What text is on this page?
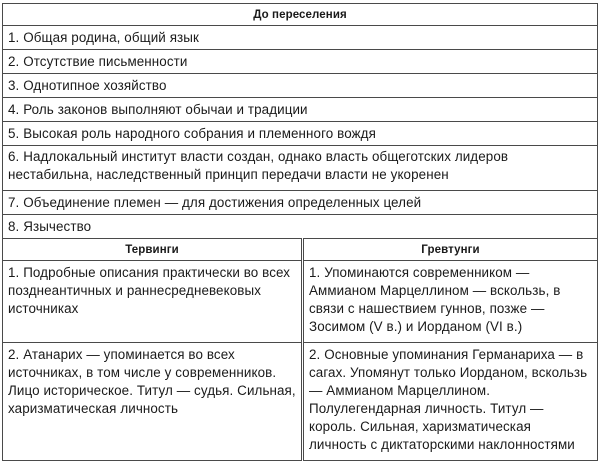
До переселения	
1. Общая родина, общий язык	
2. Отсутствие письменности	
3. Однотипное хозяйство	
4. Роль законов выполняют обычаи и традиции	
5. Высокая роль народного собрания и племенного вождя	
6. Надлокальный институт власти создан, однако власть общеготских лидеров нестабильна, наследственный принцип передачи власти не укоренен	
7. Объединение племен — для достижения определенных целей	
8. Язычество	
Тервинги	Гревтунги
1. Подробные описания практически во всех позднеантичных и раннесредневековых источниках	1. Упоминаются современником — Аммианом Марцеллином — вскользь, в связи с нашествием гуннов, позже — Зосимом (V в.) и Иорданом (VI в.)
2. Атанарих — упоминается во всех источниках, в том числе у современников. Лицо историческое. Титул — судья. Сильная, харизматическая личность	2. Основные упоминания Германариха — в сагах. Упомянут только Иорданом, вскользь — Аммианом Марцеллином. Полулегендарная личность. Титул — король. Сильная, харизматическая личность с диктаторскими наклонностями
